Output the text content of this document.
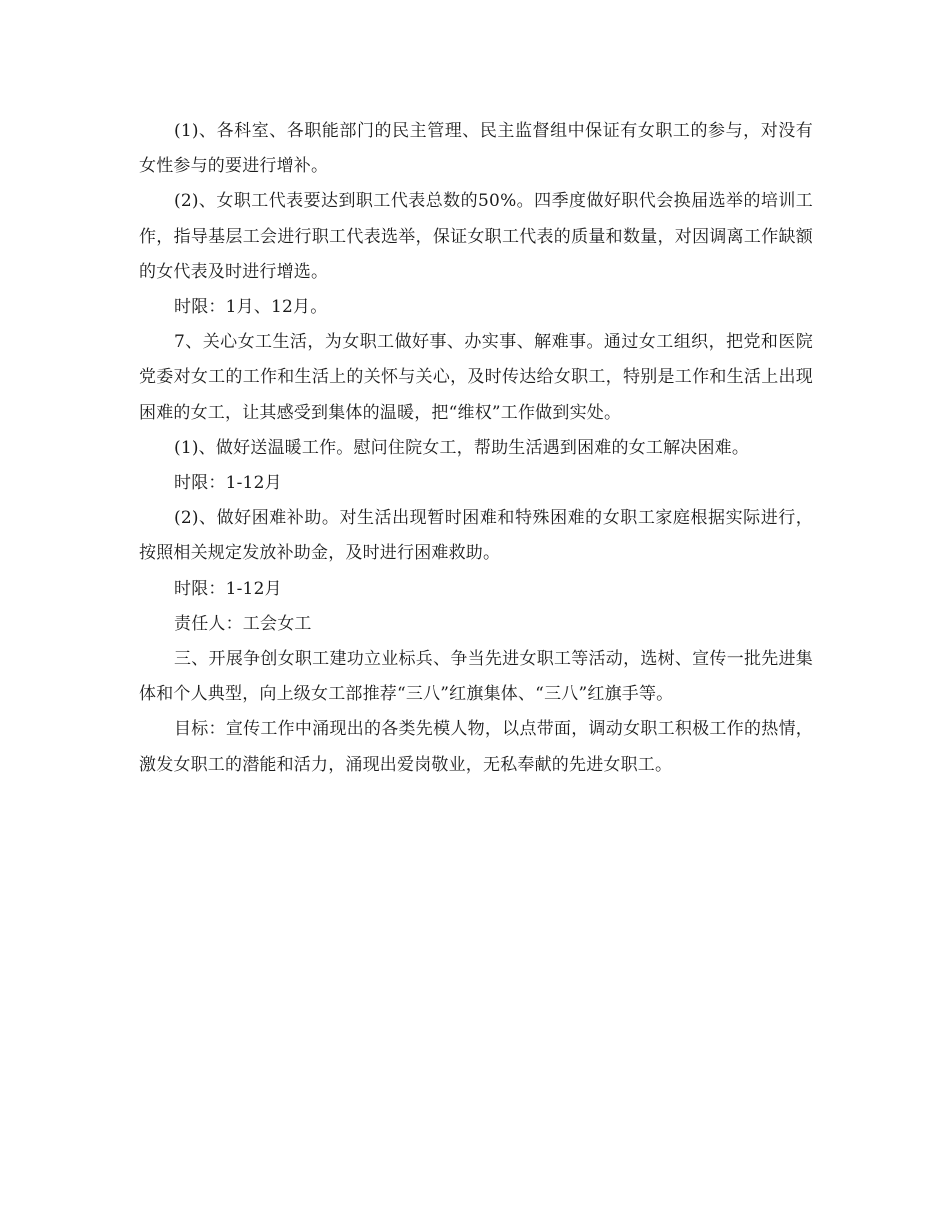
(1)、各科室、各职能部门的民主管理、民主监督组中保证有女职工的参与，对没有女性参与的要进行增补。

(2)、女职工代表要达到职工代表总数的50%。四季度做好职代会换届选举的培训工作，指导基层工会进行职工代表选举，保证女职工代表的质量和数量，对因调离工作缺额的女代表及时进行增选。

时限：1月、12月。

7、关心女工生活，为女职工做好事、办实事、解难事。通过女工组织，把党和医院党委对女工的工作和生活上的关怀与关心，及时传达给女职工，特别是工作和生活上出现困难的女工，让其感受到集体的温暖，把“维权”工作做到实处。

(1)、做好送温暖工作。慰问住院女工，帮助生活遇到困难的女工解决困难。

时限：1-12月

(2)、做好困难补助。对生活出现暂时困难和特殊困难的女职工家庭根据实际进行，按照相关规定发放补助金，及时进行困难救助。

时限：1-12月

责任人：工会女工

三、开展争创女职工建功立业标兵、争当先进女职工等活动，选树、宣传一批先进集体和个人典型，向上级女工部推荐“三八”红旗集体、“三八”红旗手等。

目标：宣传工作中涌现出的各类先模人物，以点带面，调动女职工积极工作的热情，激发女职工的潜能和活力，涌现出爱岗敬业，无私奉献的先进女职工。
